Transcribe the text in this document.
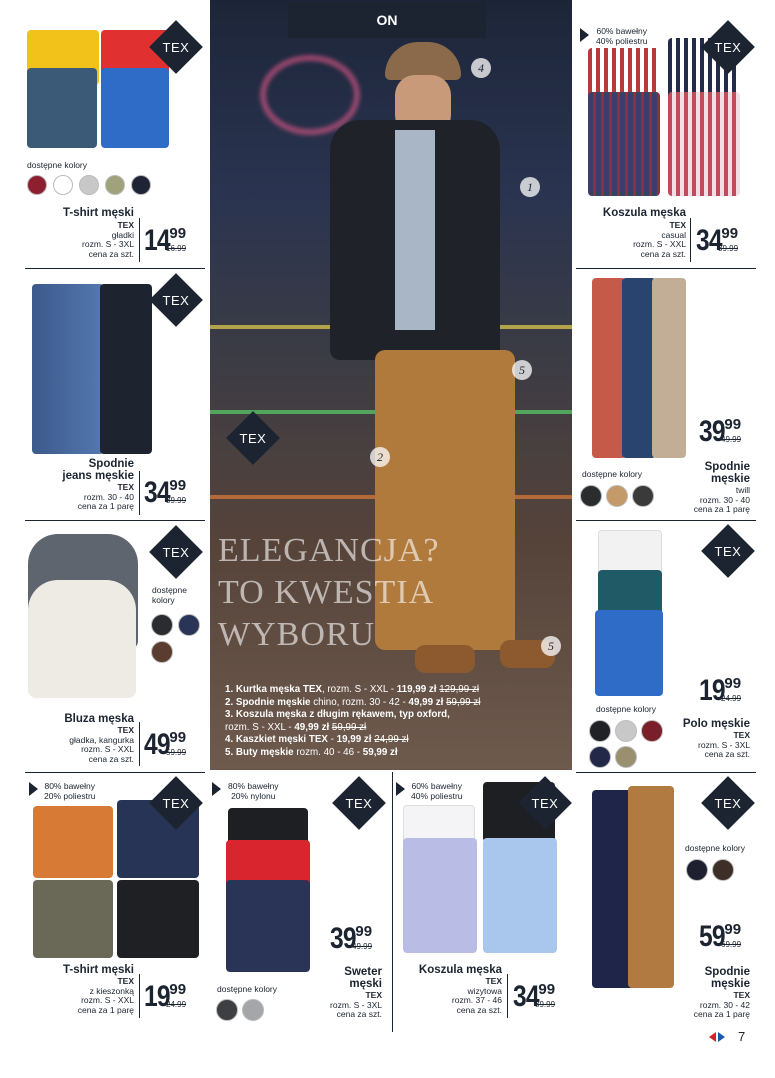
ON
4
1
5
2
5
TEX
ELEGANCJA?
TO KWESTIA
WYBORU
1. Kurtka męska TEX, rozm. S - XXL - 119,99 zł 129,99 zł
2. Spodnie męskie chino, rozm. 30 - 42 - 49,99 zł 59,99 zł
3. Koszula męska z długim rękawem, typ oxford,
rozm. S - XXL - 49,99 zł 59,99 zł
4. Kaszkiet męski TEX - 19,99 zł 24,99 zł
5. Buty męskie rozm. 40 - 46 - 59,99 zł
TEX
dostępne kolory
T-shirt męski
TEX
gładki
rozm. S - 3XL
cena za szt. 14 99
16.99
60% bawełny
40% poliestru	TEX
Koszula męska
TEX
casual
rozm. S - XXL
cena za szt. 34 99
39.99
TEX
Spodnie
jeans męskie
TEX
rozm. 30 - 40
cena za 1 parę 34 99
39.99
39 99
49.99
dostępne kolory
Spodnie
męskie
twill
rozm. 30 - 40
cena za 1 parę
TEX
dostępne
kolory
Bluza męska
TEX
gładka, kangurka
rozm. S - XXL
cena za szt. 49 99
59.99
TEX
19 99
24.99
dostępne kolory
Polo męskie
TEX
rozm. S - 3XL
cena za szt.
80% bawełny
20% poliestru	TEX
T-shirt męski
TEX
z kieszonką
rozm. S - XXL
cena za 1 parę 19 99
24.99
80% bawełny
20% nylonu	TEX
39 99
49.99
dostępne kolory
Sweter
męski
TEX
rozm. S - 3XL
cena za szt.
60% bawełny
40% poliestru	TEX
Koszula męska
TEX
wizytowa
rozm. 37 - 46
cena za szt. 34 99
39.99
TEX
dostępne kolory
59 99
69.99
Spodnie
męskie
TEX
rozm. 30 - 42
cena za 1 parę
7
